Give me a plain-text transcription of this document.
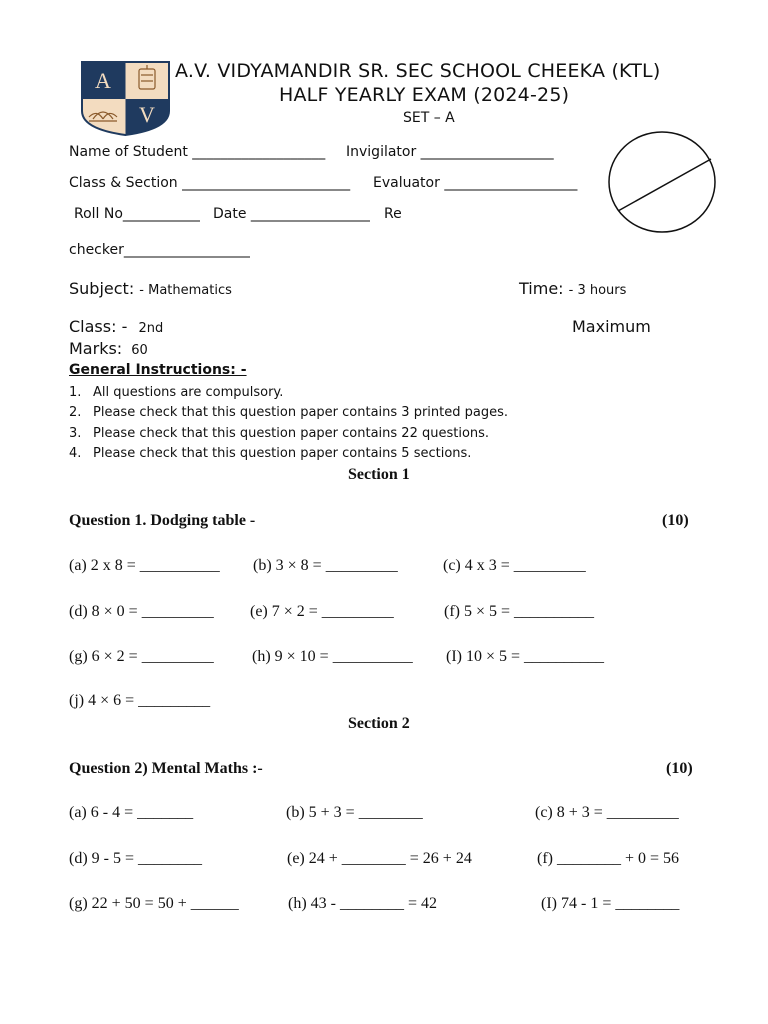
A
V
A.V. VIDYAMANDIR SR. SEC SCHOOL CHEEKA (KTL)
HALF YEARLY EXAM (2024-25)
SET – A
Name of Student ___________________ Invigilator ___________________
Class & Section ________________________ Evaluator ___________________
Roll No___________ Date _________________ Re
checker__________________
Subject: - Mathematics	Time: - 3 hours
Class: - 2nd	Maximum
Marks: 60
General Instructions: -
1. All questions are compulsory.
2. Please check that this question paper contains 3 printed pages.
3. Please check that this question paper contains 22 questions.
4. Please check that this question paper contains 5 sections.
Section 1
Question 1. Dodging table -	(10)
(a) 2 x 8 = __________ (b) 3 × 8 = _________	(c) 4 x 3 = _________
(d) 8 × 0 = _________ (e) 7 × 2 = _________	(f) 5 × 5 = __________
(g) 6 × 2 = _________ (h) 9 × 10 = __________ (I) 10 × 5 = __________
(j) 4 × 6 = _________
Section 2
Question 2) Mental Maths :-	(10)
(a) 6 - 4 = _______	(b) 5 + 3 = ________	(c) 8 + 3 = _________
(d) 9 - 5 = ________	(e) 24 + ________ = 26 + 24	(f) ________ + 0 = 56
(g) 22 + 50 = 50 + ______	(h) 43 - ________ = 42	(I) 74 - 1 = ________
